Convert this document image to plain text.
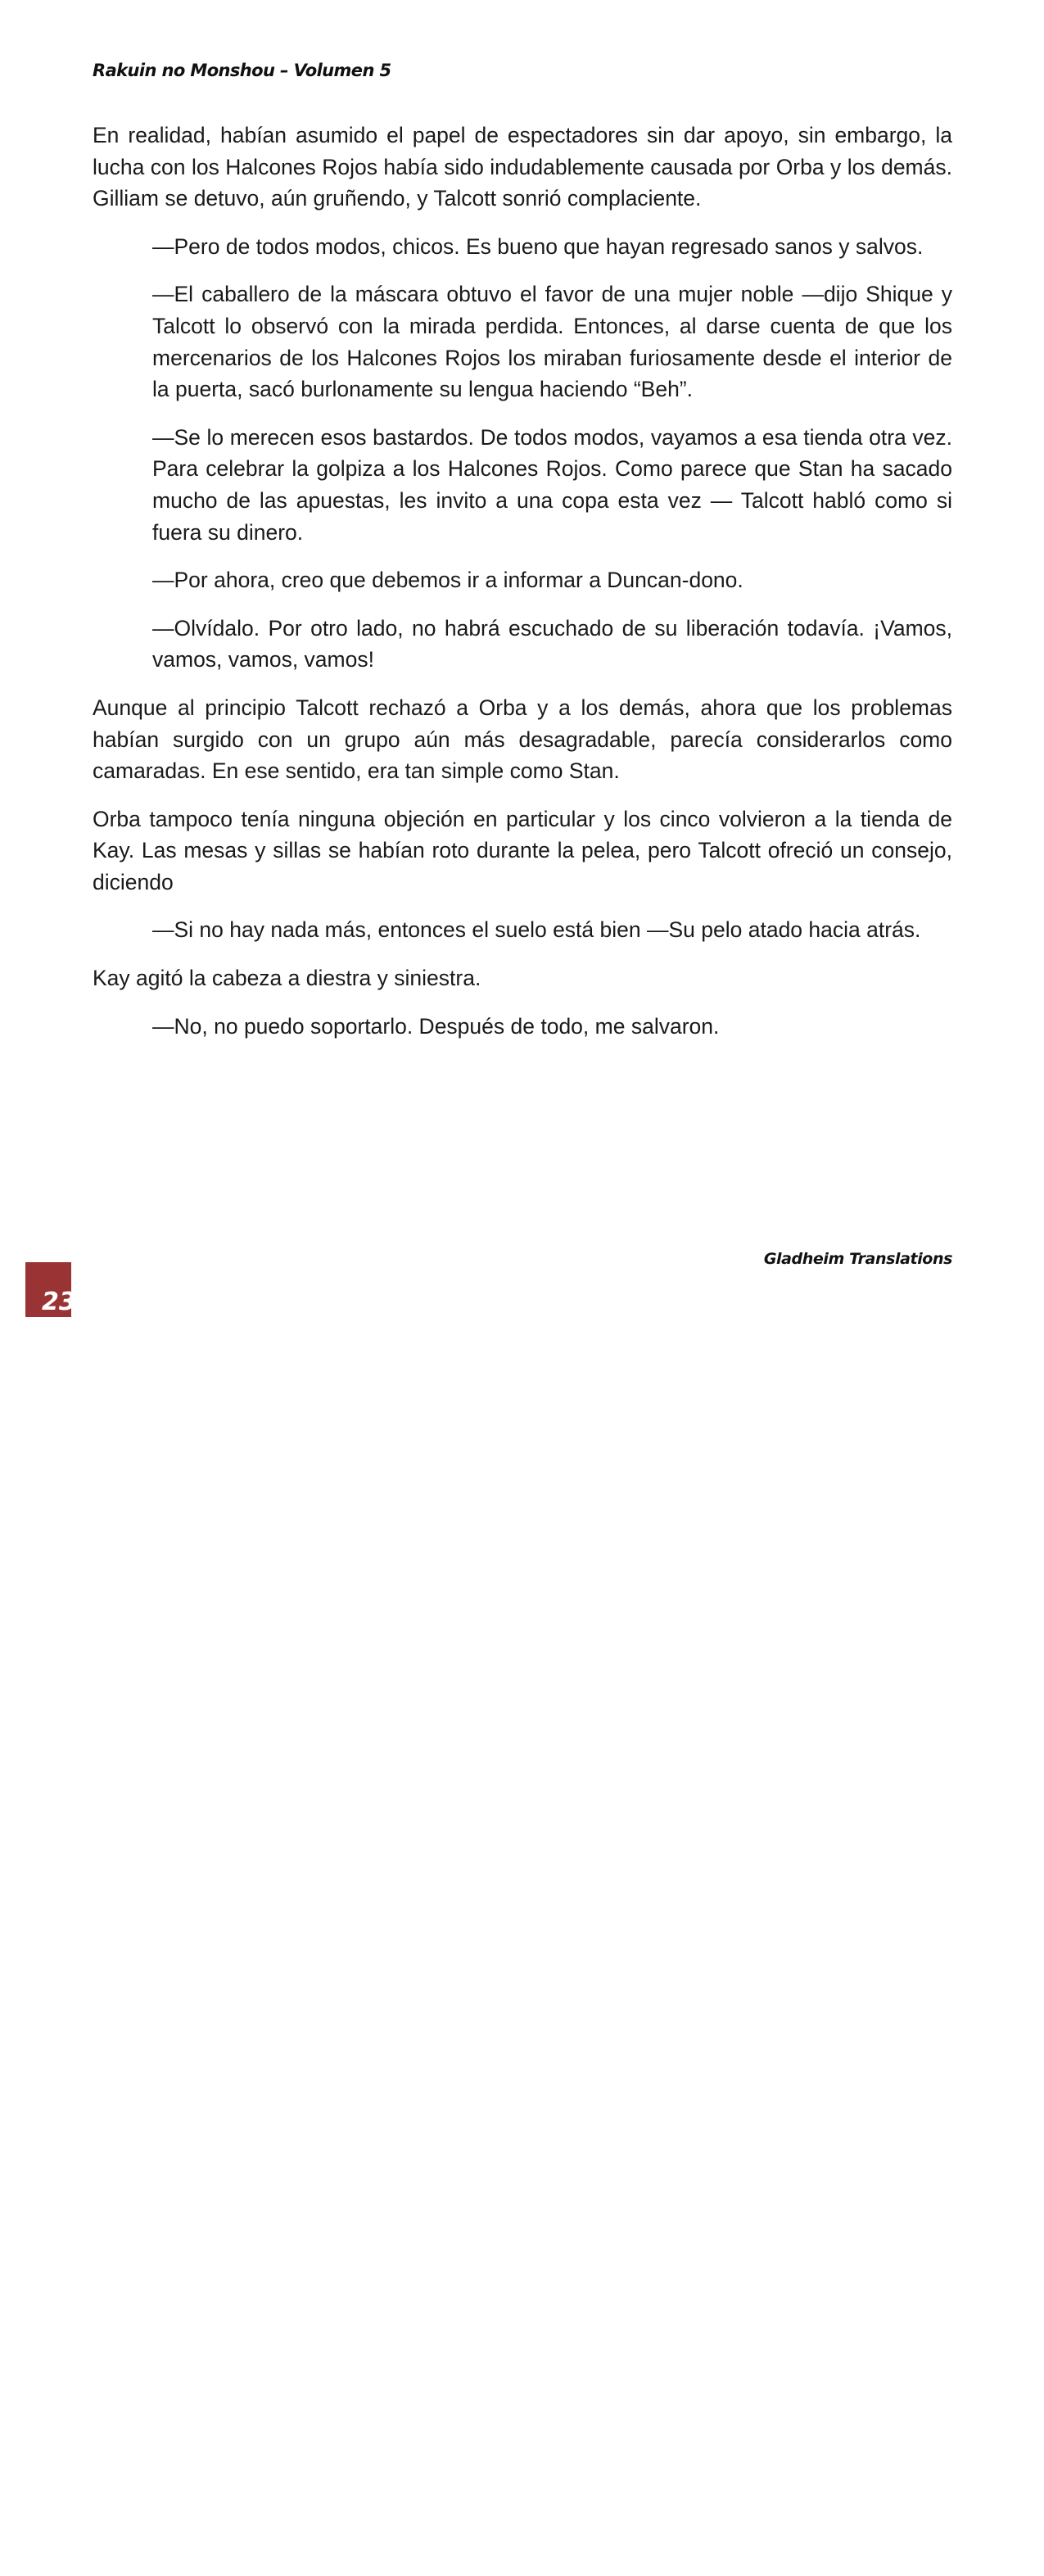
Rakuin no Monshou – Volumen 5

En realidad, habían asumido el papel de espectadores sin dar apoyo, sin embargo, la lucha con los Halcones Rojos había sido indudablemente causada por Orba y los demás. Gilliam se detuvo, aún gruñendo, y Talcott sonrió complaciente.

—Pero de todos modos, chicos. Es bueno que hayan regresado sanos y salvos.

—El caballero de la máscara obtuvo el favor de una mujer noble —dijo Shique y Talcott lo observó con la mirada perdida. Entonces, al darse cuenta de que los mercenarios de los Halcones Rojos los miraban furiosamente desde el interior de la puerta, sacó burlonamente su lengua haciendo “Beh”.

—Se lo merecen esos bastardos. De todos modos, vayamos a esa tienda otra vez. Para celebrar la golpiza a los Halcones Rojos. Como parece que Stan ha sacado mucho de las apuestas, les invito a una copa esta vez — Talcott habló como si fuera su dinero.

—Por ahora, creo que debemos ir a informar a Duncan-dono.

—Olvídalo. Por otro lado, no habrá escuchado de su liberación todavía. ¡Vamos, vamos, vamos, vamos!

Aunque al principio Talcott rechazó a Orba y a los demás, ahora que los problemas habían surgido con un grupo aún más desagradable, parecía considerarlos como camaradas. En ese sentido, era tan simple como Stan.

Orba tampoco tenía ninguna objeción en particular y los cinco volvieron a la tienda de Kay. Las mesas y sillas se habían roto durante la pelea, pero Talcott ofreció un consejo, diciendo

—Si no hay nada más, entonces el suelo está bien —Su pelo atado hacia atrás.

Kay agitó la cabeza a diestra y siniestra.

—No, no puedo soportarlo. Después de todo, me salvaron.

Gladheim Translations
23
